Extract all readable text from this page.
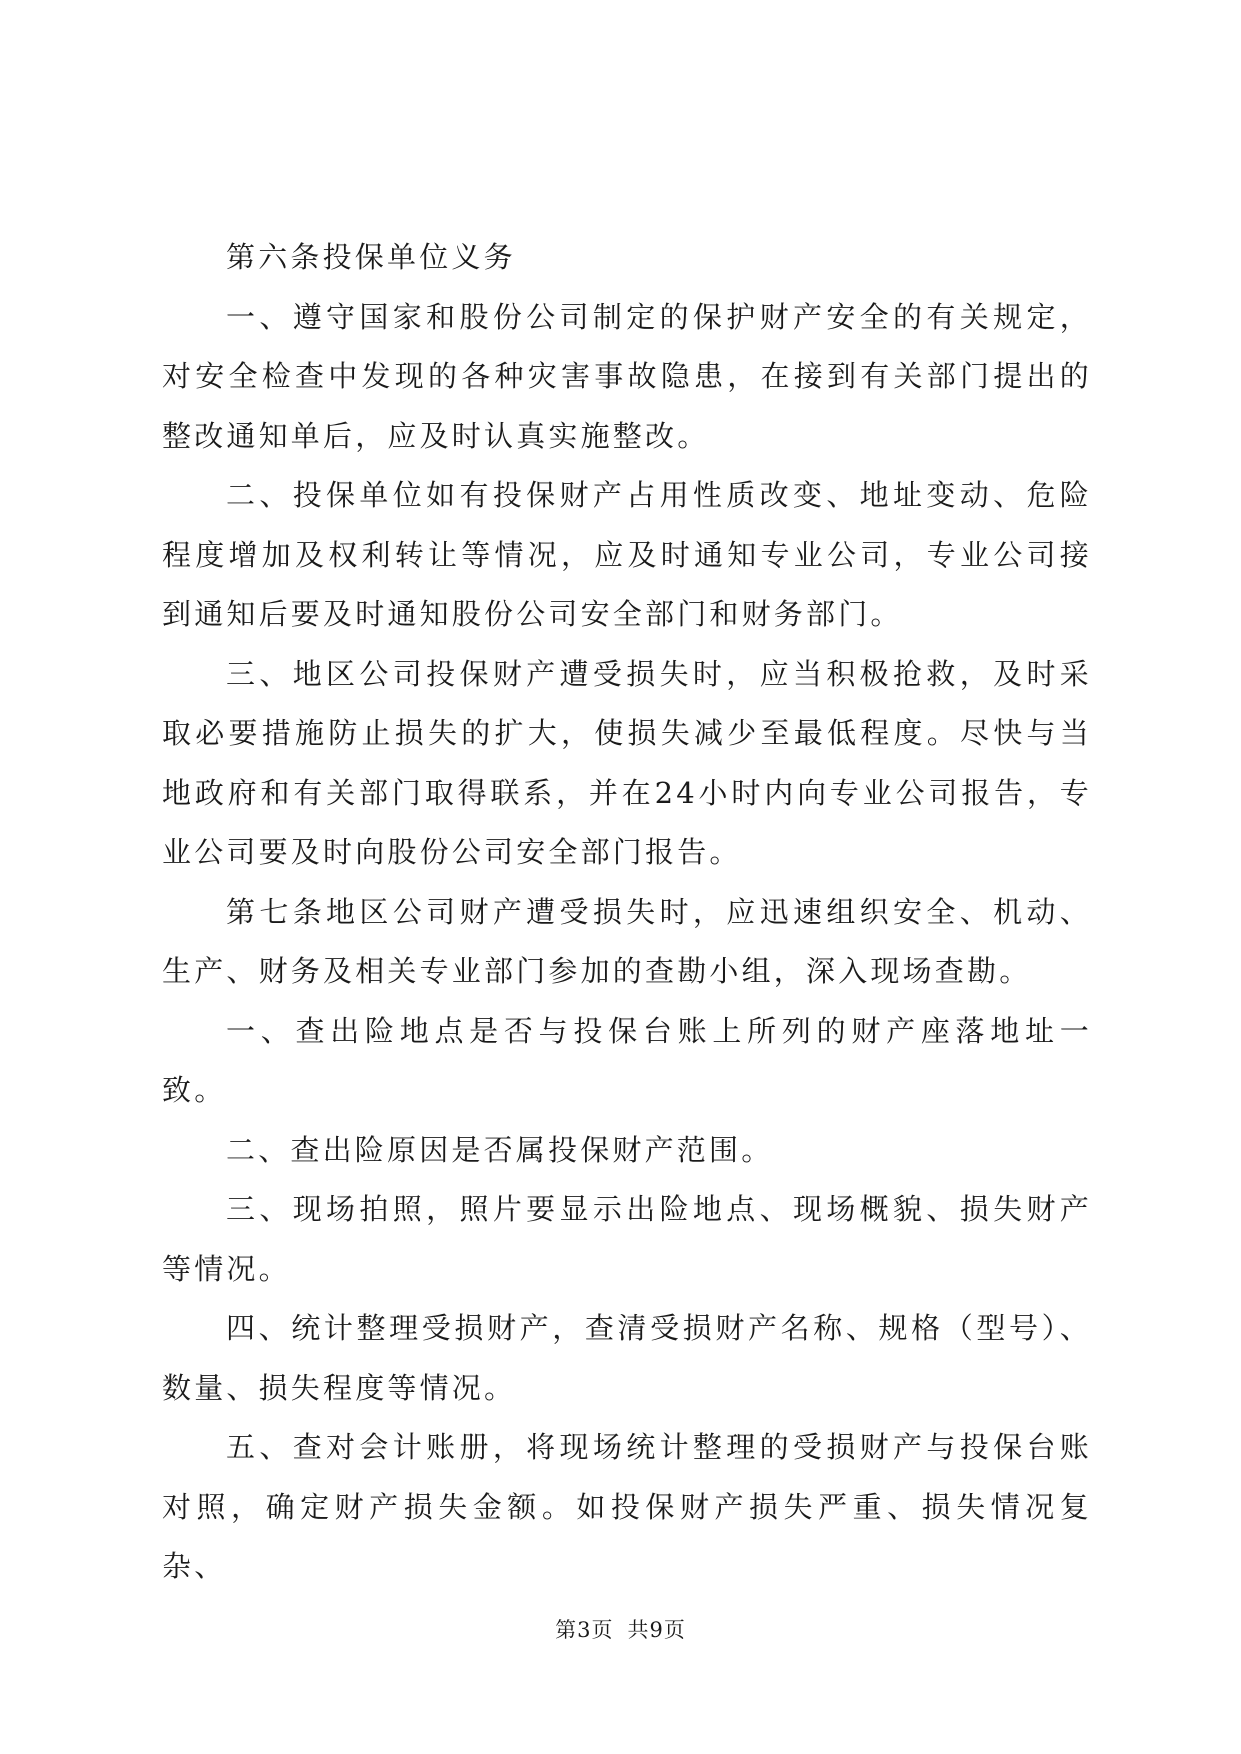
第六条投保单位义务

一、遵守国家和股份公司制定的保护财产安全的有关规定，对安全检查中发现的各种灾害事故隐患，在接到有关部门提出的整改通知单后，应及时认真实施整改。

二、投保单位如有投保财产占用性质改变、地址变动、危险程度增加及权利转让等情况，应及时通知专业公司，专业公司接到通知后要及时通知股份公司安全部门和财务部门。

三、地区公司投保财产遭受损失时，应当积极抢救，及时采取必要措施防止损失的扩大，使损失减少至最低程度。尽快与当地政府和有关部门取得联系，并在24小时内向专业公司报告，专业公司要及时向股份公司安全部门报告。

第七条地区公司财产遭受损失时，应迅速组织安全、机动、生产、财务及相关专业部门参加的查勘小组，深入现场查勘。

一、查出险地点是否与投保台账上所列的财产座落地址一致。

二、查出险原因是否属投保财产范围。

三、现场拍照，照片要显示出险地点、现场概貌、损失财产等情况。

四、统计整理受损财产，查清受损财产名称、规格（型号）、数量、损失程度等情况。

五、查对会计账册，将现场统计整理的受损财产与投保台账对照，确定财产损失金额。如投保财产损失严重、损失情况复杂、

第3页 共9页
